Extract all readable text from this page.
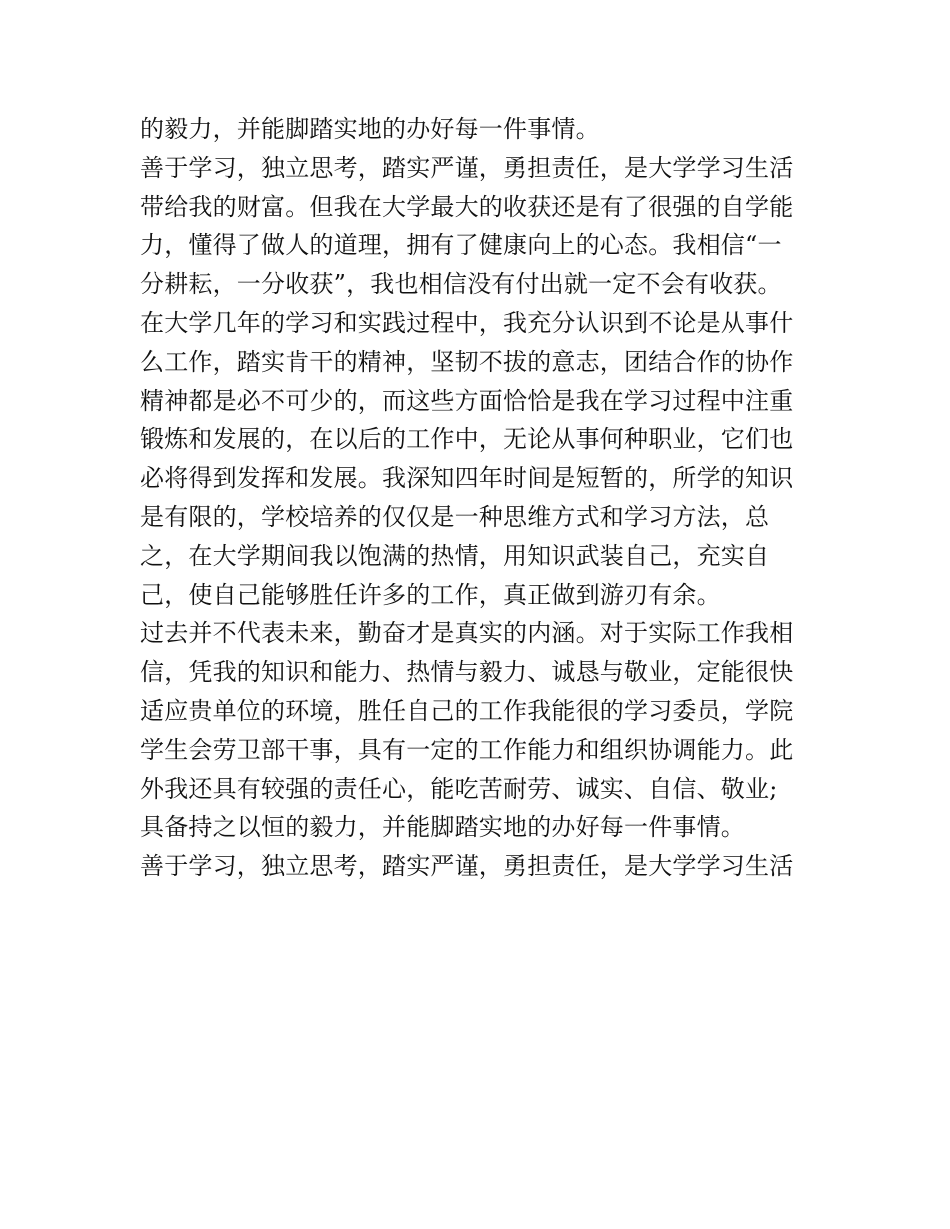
的毅力，并能脚踏实地的办好每一件事情。
善于学习，独立思考，踏实严谨，勇担责任，是大学学习生活
带给我的财富。但我在大学最大的收获还是有了很强的自学能
力，懂得了做人的道理，拥有了健康向上的心态。我相信“一
分耕耘，一分收获”，我也相信没有付出就一定不会有收获。
在大学几年的学习和实践过程中，我充分认识到不论是从事什
么工作，踏实肯干的精神，坚韧不拔的意志，团结合作的协作
精神都是必不可少的，而这些方面恰恰是我在学习过程中注重
锻炼和发展的，在以后的工作中，无论从事何种职业，它们也
必将得到发挥和发展。我深知四年时间是短暂的，所学的知识
是有限的，学校培养的仅仅是一种思维方式和学习方法，总
之，在大学期间我以饱满的热情，用知识武装自己，充实自
己，使自己能够胜任许多的工作，真正做到游刃有余。
过去并不代表未来，勤奋才是真实的内涵。对于实际工作我相
信，凭我的知识和能力、热情与毅力、诚恳与敬业，定能很快
适应贵单位的环境，胜任自己的工作我能很的学习委员，学院
学生会劳卫部干事，具有一定的工作能力和组织协调能力。此
外我还具有较强的责任心，能吃苦耐劳、诚实、自信、敬业;
具备持之以恒的毅力，并能脚踏实地的办好每一件事情。
善于学习，独立思考，踏实严谨，勇担责任，是大学学习生活
